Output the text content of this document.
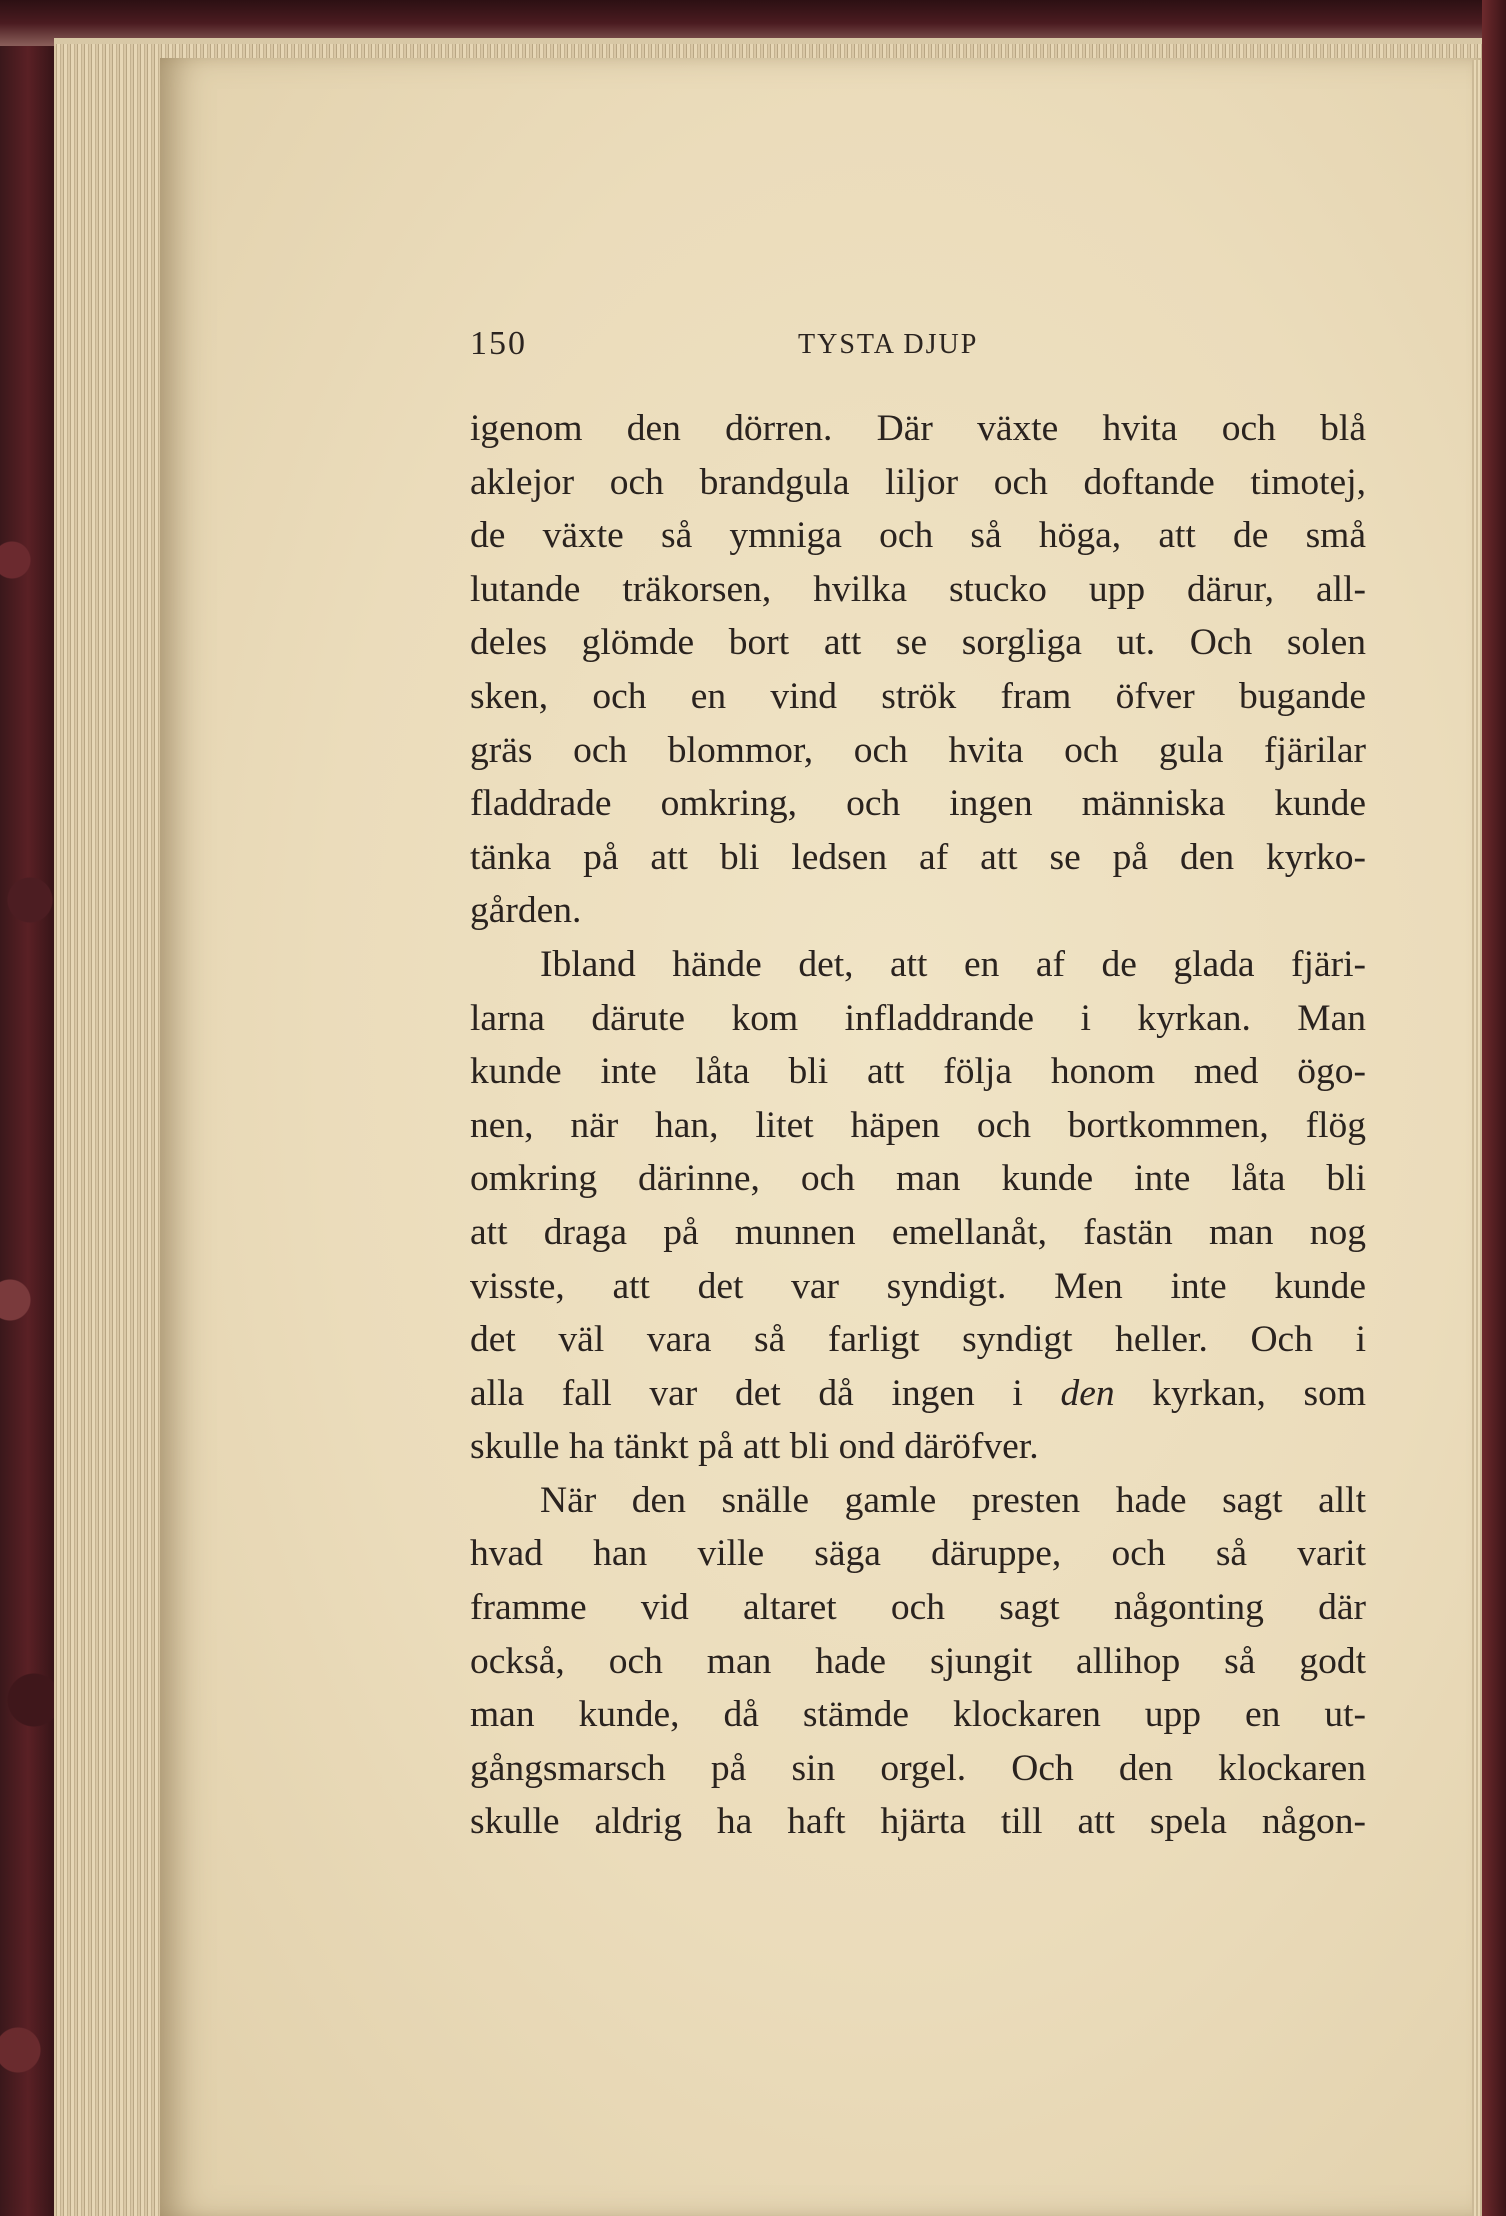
150	TYSTA DJUP
igenom den dörren. Där växte hvita och blå
aklejor och brandgula liljor och doftande timotej,
de växte så ymniga och så höga, att de små
lutande träkorsen, hvilka stucko upp därur, all-
deles glömde bort att se sorgliga ut. Och solen
sken, och en vind strök fram öfver bugande
gräs och blommor, och hvita och gula fjärilar
fladdrade omkring, och ingen människa kunde
tänka på att bli ledsen af att se på den kyrko-
gården.
Ibland hände det, att en af de glada fjäri-
larna därute kom infladdrande i kyrkan. Man
kunde inte låta bli att följa honom med ögo-
nen, när han, litet häpen och bortkommen, flög
omkring därinne, och man kunde inte låta bli
att draga på munnen emellanåt, fastän man nog
visste, att det var syndigt. Men inte kunde
det väl vara så farligt syndigt heller. Och i
alla fall var det då ingen i den kyrkan, som
skulle ha tänkt på att bli ond däröfver.
När den snälle gamle presten hade sagt allt
hvad han ville säga däruppe, och så varit
framme vid altaret och sagt någonting där
också, och man hade sjungit allihop så godt
man kunde, då stämde klockaren upp en ut-
gångsmarsch på sin orgel. Och den klockaren
skulle aldrig ha haft hjärta till att spela någon-
